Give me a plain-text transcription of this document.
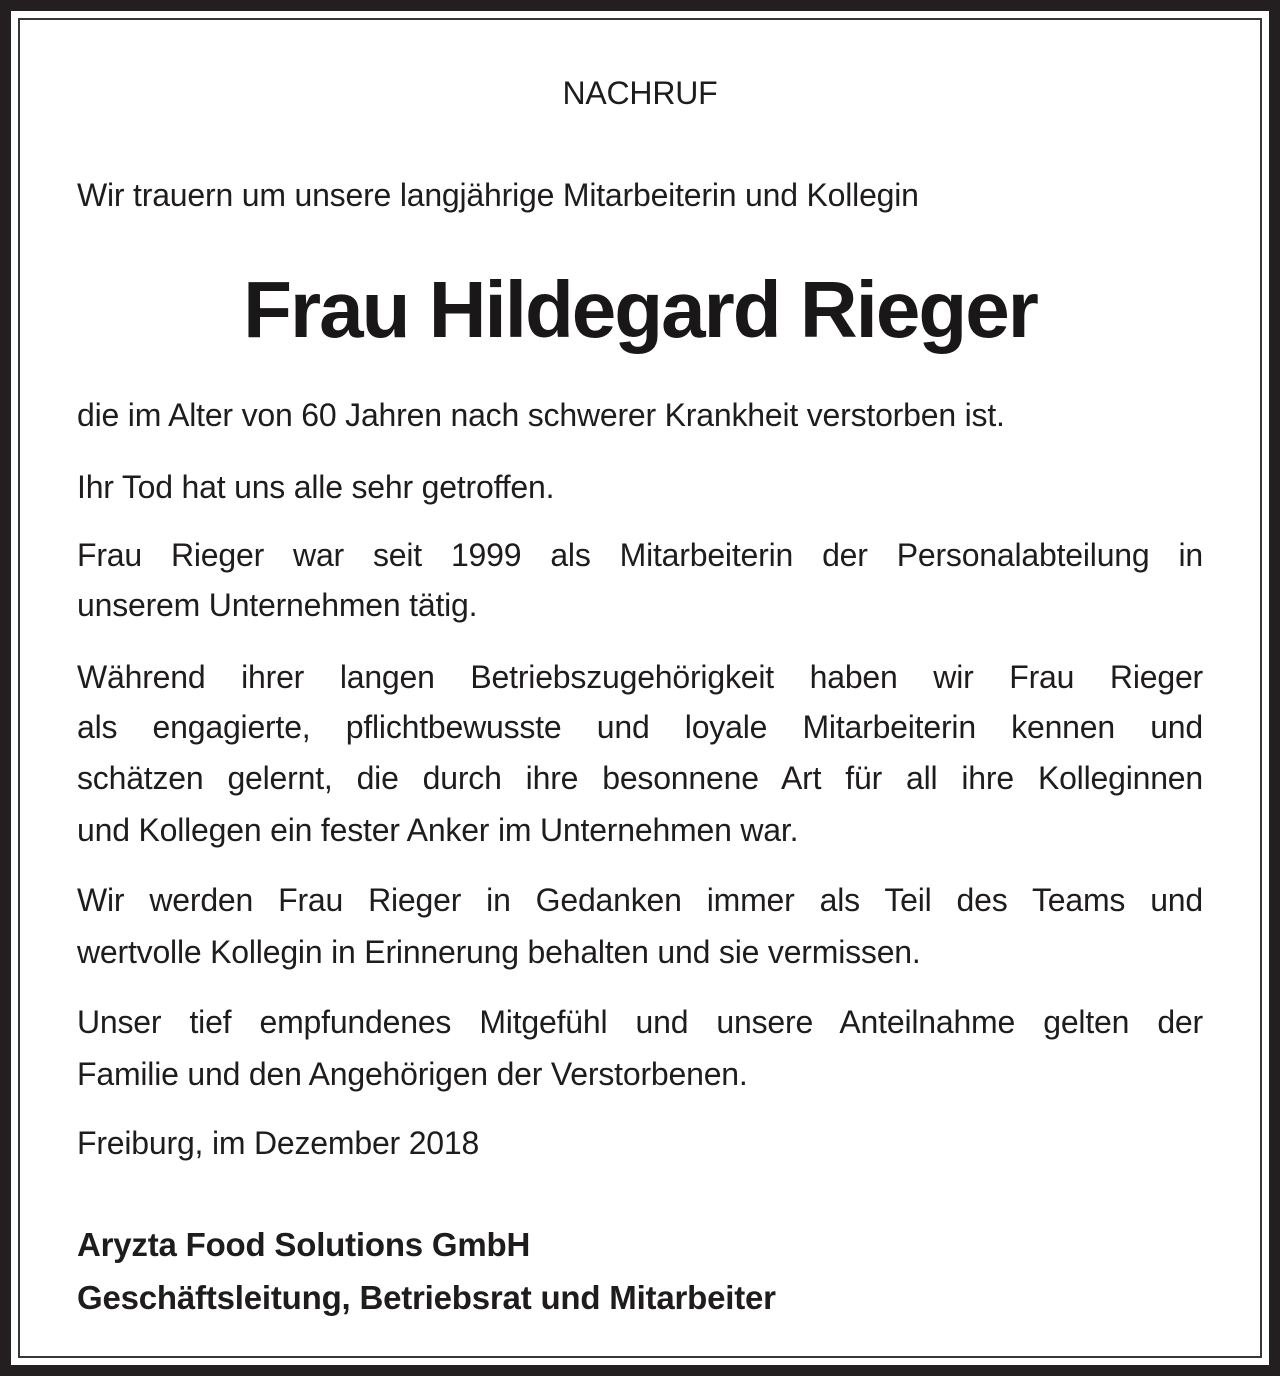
NACHRUF
Wir trauern um unsere langjährige Mitarbeiterin und Kollegin
Frau Hildegard Rieger
die im Alter von 60 Jahren nach schwerer Krankheit verstorben ist.
Ihr Tod hat uns alle sehr getroffen.
Frau Rieger war seit 1999 als Mitarbeiterin der Personalabteilung in
unserem Unternehmen tätig.
Während ihrer langen Betriebszugehörigkeit haben wir Frau Rieger
als engagierte, pflichtbewusste und loyale Mitarbeiterin kennen und
schätzen gelernt, die durch ihre besonnene Art für all ihre Kolleginnen
und Kollegen ein fester Anker im Unternehmen war.
Wir werden Frau Rieger in Gedanken immer als Teil des Teams und
wertvolle Kollegin in Erinnerung behalten und sie vermissen.
Unser tief empfundenes Mitgefühl und unsere Anteilnahme gelten der
Familie und den Angehörigen der Verstorbenen.
Freiburg, im Dezember 2018
Aryzta Food Solutions GmbH
Geschäftsleitung, Betriebsrat und Mitarbeiter
